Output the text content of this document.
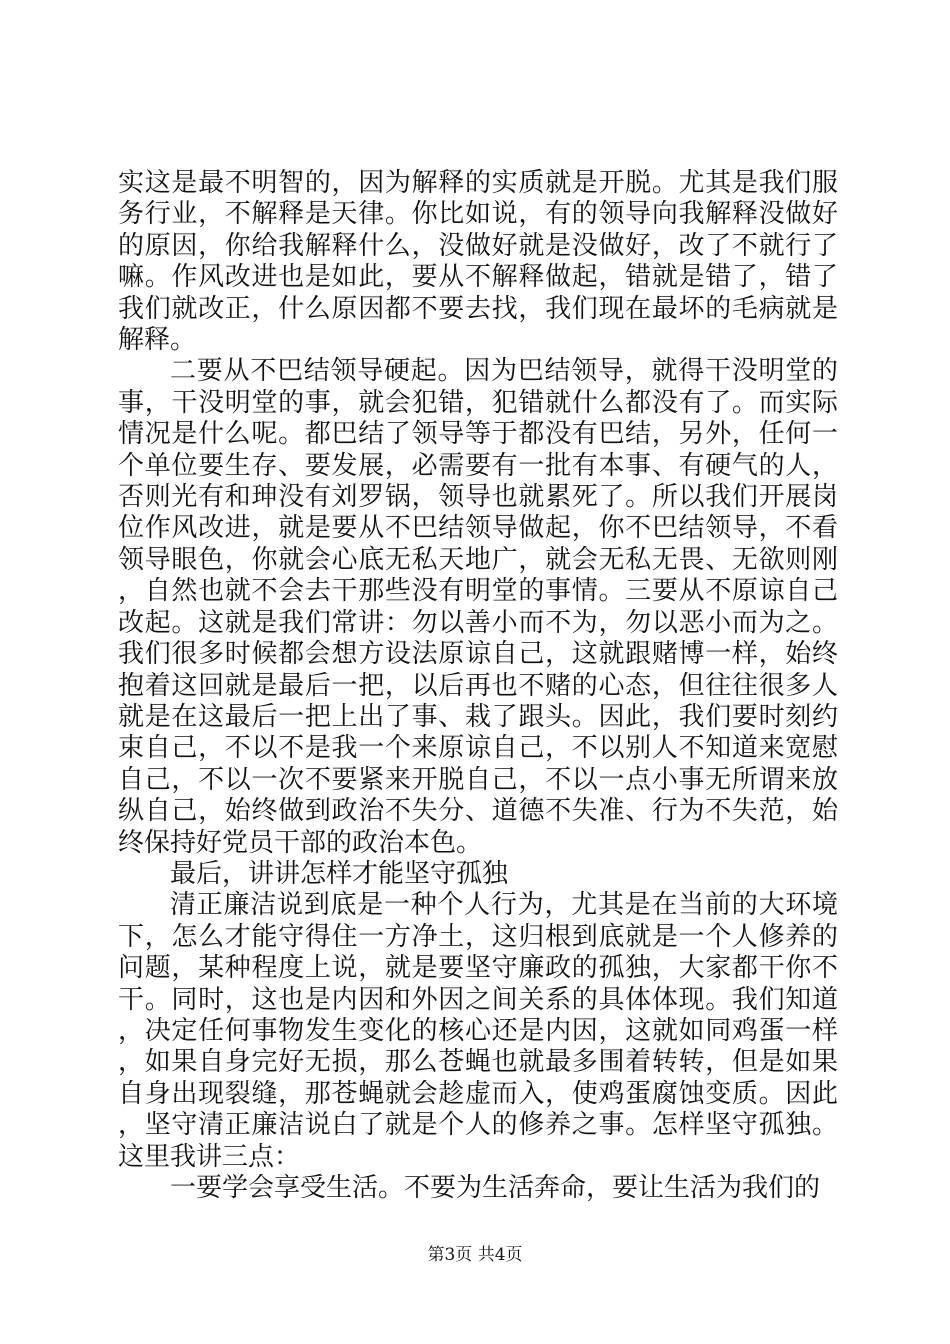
实这是最不明智的，因为解释的实质就是开脱。尤其是我们服务行业，不解释是天律。你比如说，有的领导向我解释没做好的原因，你给我解释什么，没做好就是没做好，改了不就行了嘛。作风改进也是如此，要从不解释做起，错就是错了，错了我们就改正，什么原因都不要去找，我们现在最坏的毛病就是解释。

二要从不巴结领导硬起。因为巴结领导，就得干没明堂的事，干没明堂的事，就会犯错，犯错就什么都没有了。而实际情况是什么呢。都巴结了领导等于都没有巴结，另外，任何一个单位要生存、要发展，必需要有一批有本事、有硬气的人，否则光有和珅没有刘罗锅，领导也就累死了。所以我们开展岗位作风改进，就是要从不巴结领导做起，你不巴结领导，不看领导眼色，你就会心底无私天地广，就会无私无畏、无欲则刚，自然也就不会去干那些没有明堂的事情。三要从不原谅自己改起。这就是我们常讲：勿以善小而不为，勿以恶小而为之。我们很多时候都会想方设法原谅自己，这就跟赌博一样，始终抱着这回就是最后一把，以后再也不赌的心态，但往往很多人就是在这最后一把上出了事、栽了跟头。因此，我们要时刻约束自己，不以不是我一个来原谅自己，不以别人不知道来宽慰自己，不以一次不要紧来开脱自己，不以一点小事无所谓来放纵自己，始终做到政治不失分、道德不失准、行为不失范，始终保持好党员干部的政治本色。

最后，讲讲怎样才能坚守孤独

清正廉洁说到底是一种个人行为，尤其是在当前的大环境下，怎么才能守得住一方净土，这归根到底就是一个人修养的问题，某种程度上说，就是要坚守廉政的孤独，大家都干你不干。同时，这也是内因和外因之间关系的具体体现。我们知道，决定任何事物发生变化的核心还是内因，这就如同鸡蛋一样，如果自身完好无损，那么苍蝇也就最多围着转转，但是如果自身出现裂缝，那苍蝇就会趁虚而入，使鸡蛋腐蚀变质。因此，坚守清正廉洁说白了就是个人的修养之事。怎样坚守孤独。这里我讲三点：

一要学会享受生活。不要为生活奔命，要让生活为我们的

第3页 共4页
